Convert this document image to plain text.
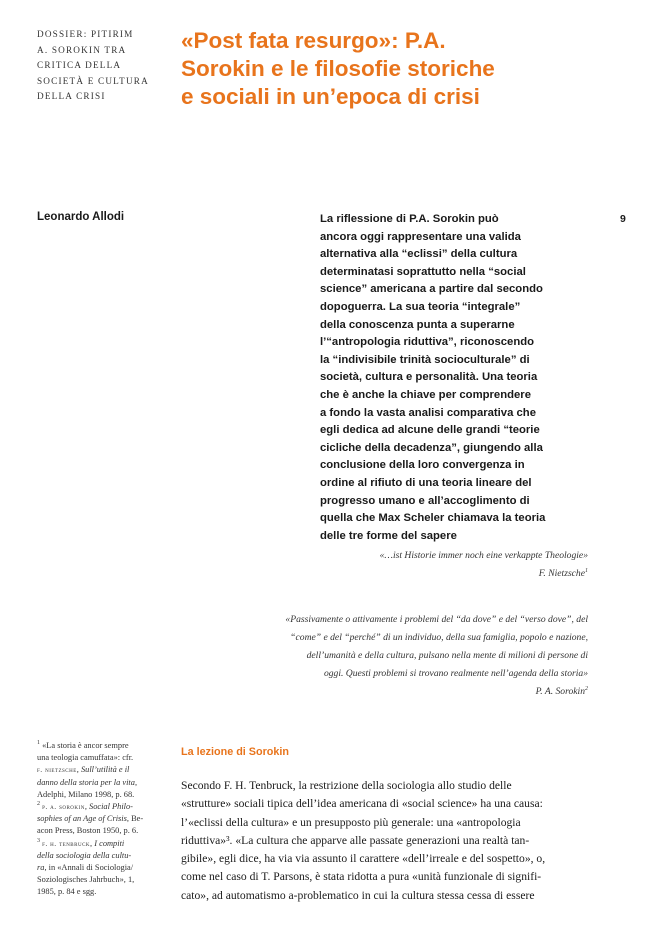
DOSSIER: PITIRIM
A. SOROKIN TRA
CRITICA DELLA
SOCIETÀ E CULTURA
DELLA CRISI
«Post fata resurgo»: P.A.
Sorokin e le filosofie storiche
e sociali in un’epoca di crisi
Leonardo Allodi	9
La riflessione di P.A. Sorokin può
ancora oggi rappresentare una valida
alternativa alla “eclissi” della cultura
determinatasi soprattutto nella “social
science” americana a partire dal secondo
dopoguerra. La sua teoria “integrale”
della conoscenza punta a superarne
l’“antropologia riduttiva”, riconoscendo
la “indivisibile trinità socioculturale” di
società, cultura e personalità. Una teoria
che è anche la chiave per comprendere
a fondo la vasta analisi comparativa che
egli dedica ad alcune delle grandi “teorie
cicliche della decadenza”, giungendo alla
conclusione della loro convergenza in
ordine al rifiuto di una teoria lineare del
progresso umano e all’accoglimento di
quella che Max Scheler chiamava la teoria
delle tre forme del sapere
«…ist Historie immer noch eine verkappte Theologie»
F. Nietzsche$^1$
«Passivamente o attivamente i problemi del “da dove” e del “verso dove”, del
“come” e del “perché” di un individuo, della sua famiglia, popolo e nazione,
dell’umanità e della cultura, pulsano nella mente di milioni di persone di
oggi. Questi problemi si trovano realmente nell’agenda della storia»
P. A. Sorokin$^2$
$^1$ «La storia è ancor sempre
una teologia camuffata»: cfr.
f. nietzsche, Sull’utilità e il
danno della storia per la vita,
Adelphi, Milano 1998, p. 68.
$^2$ p. a. sorokin, Social Philo-
sophies of an Age of Crisis, Be-
acon Press, Boston 1950, p. 6.
$^3$ f. h. tenbruck, I compiti
della sociologia della cultu-
ra, in «Annali di Sociologia/
Soziologisches Jahrbuch», 1,
1985, p. 84 e sgg.
La lezione di Sorokin
Secondo F. H. Tenbruck, la restrizione della sociologia allo studio delle
«strutture» sociali tipica dell’idea americana di «social science» ha una causa:
l’«eclissi della cultura» e un presupposto più generale: una «antropologia
riduttiva»³. «La cultura che apparve alle passate generazioni una realtà tan-
gibile», egli dice, ha via via assunto il carattere «dell’irreale e del sospetto», o,
come nel caso di T. Parsons, è stata ridotta a pura «unità funzionale di signifi-
cato», ad automatismo a-problematico in cui la cultura stessa cessa di essere
